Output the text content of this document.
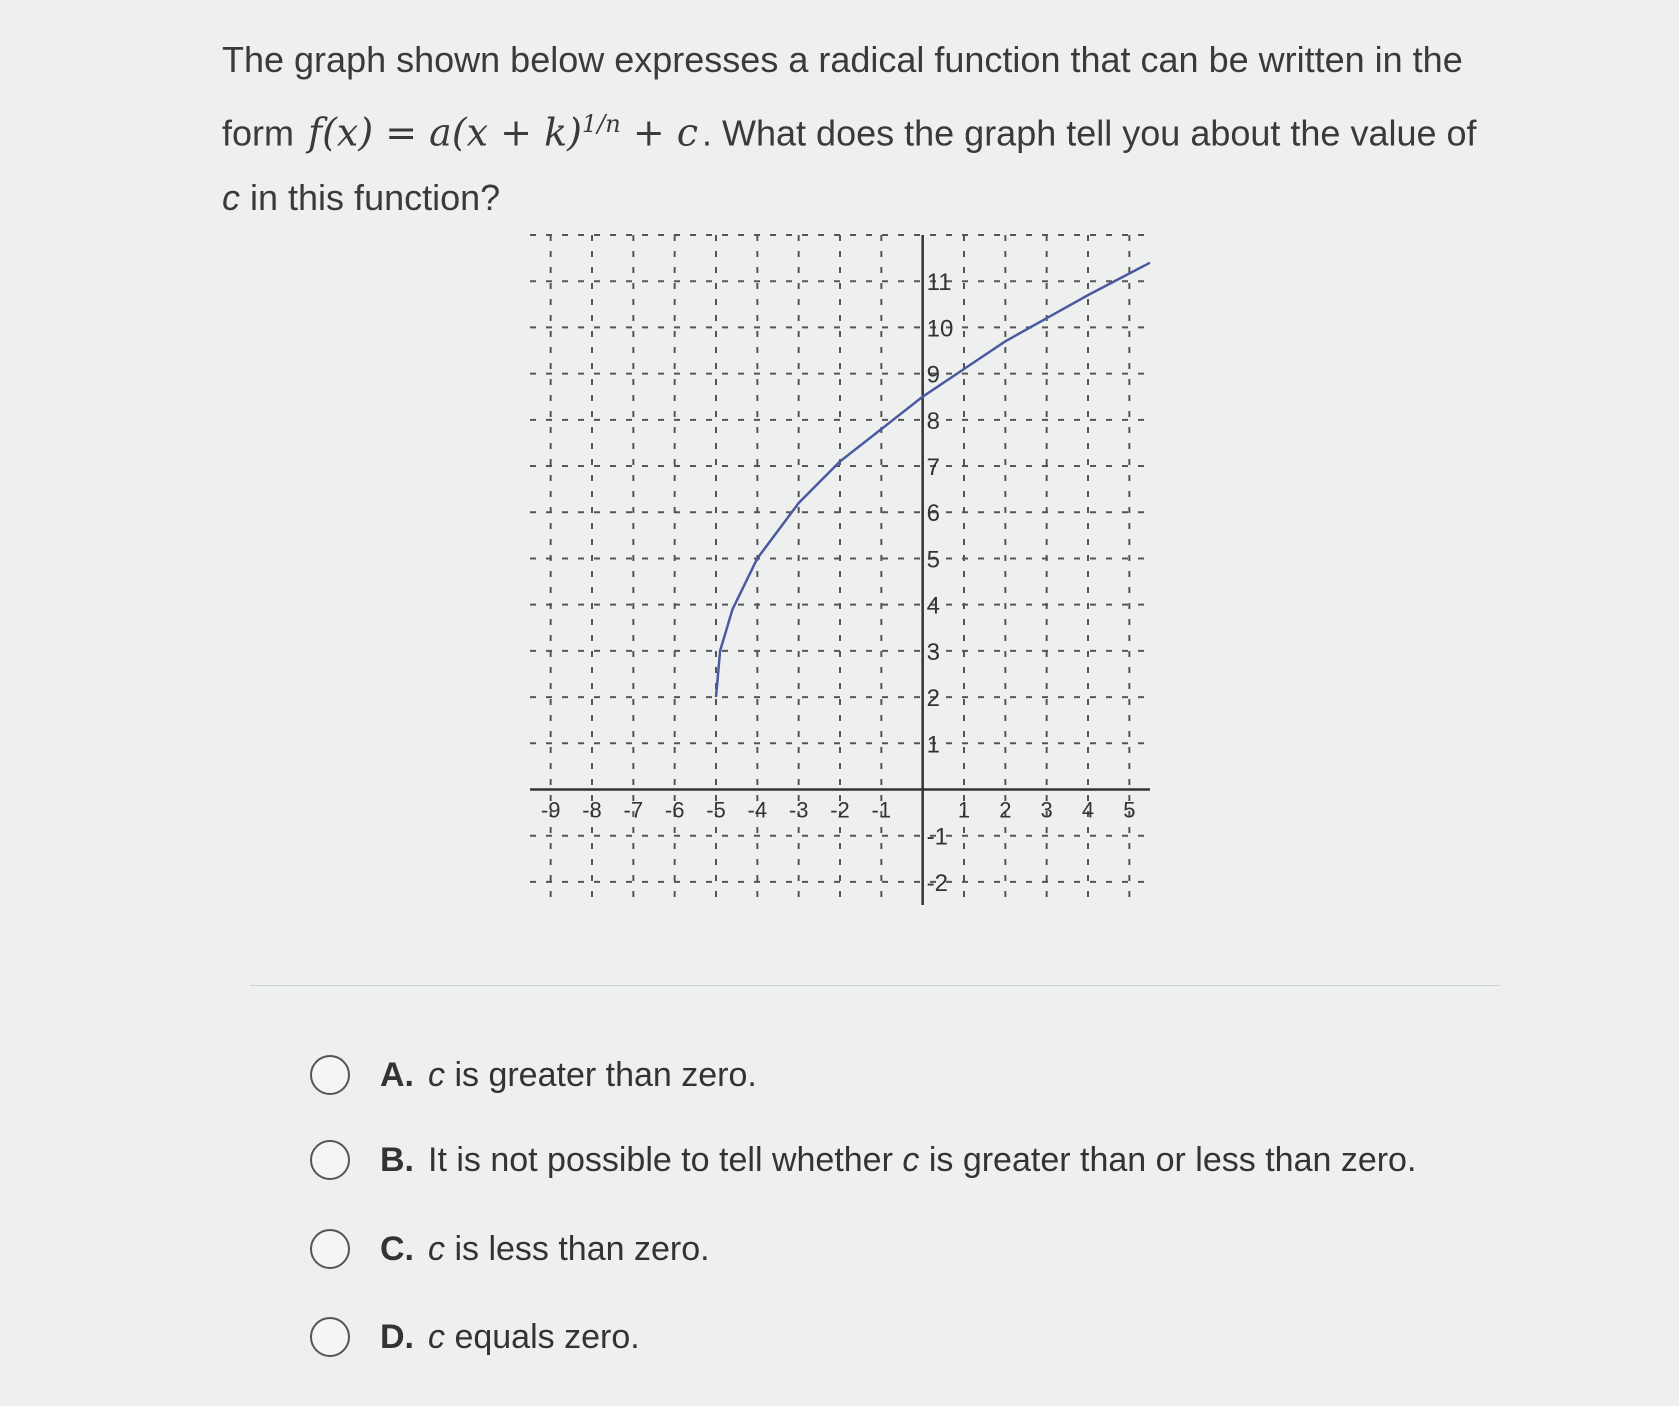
The graph shown below expresses a radical function that can be written in the form $f(x) = a(x + k)^{1/n} + c$ . What does the graph tell you about the value of c in this function?
-9 -8 -7 -6 -5 -4 -3 -2 -1	1 2 3 4 5
-2
-1
1
2
3
4
5
6
7
8
9
10
11
A. c is greater than zero.
B. It is not possible to tell whether c is greater than or less than zero.
C. c is less than zero.
D. c equals zero.
